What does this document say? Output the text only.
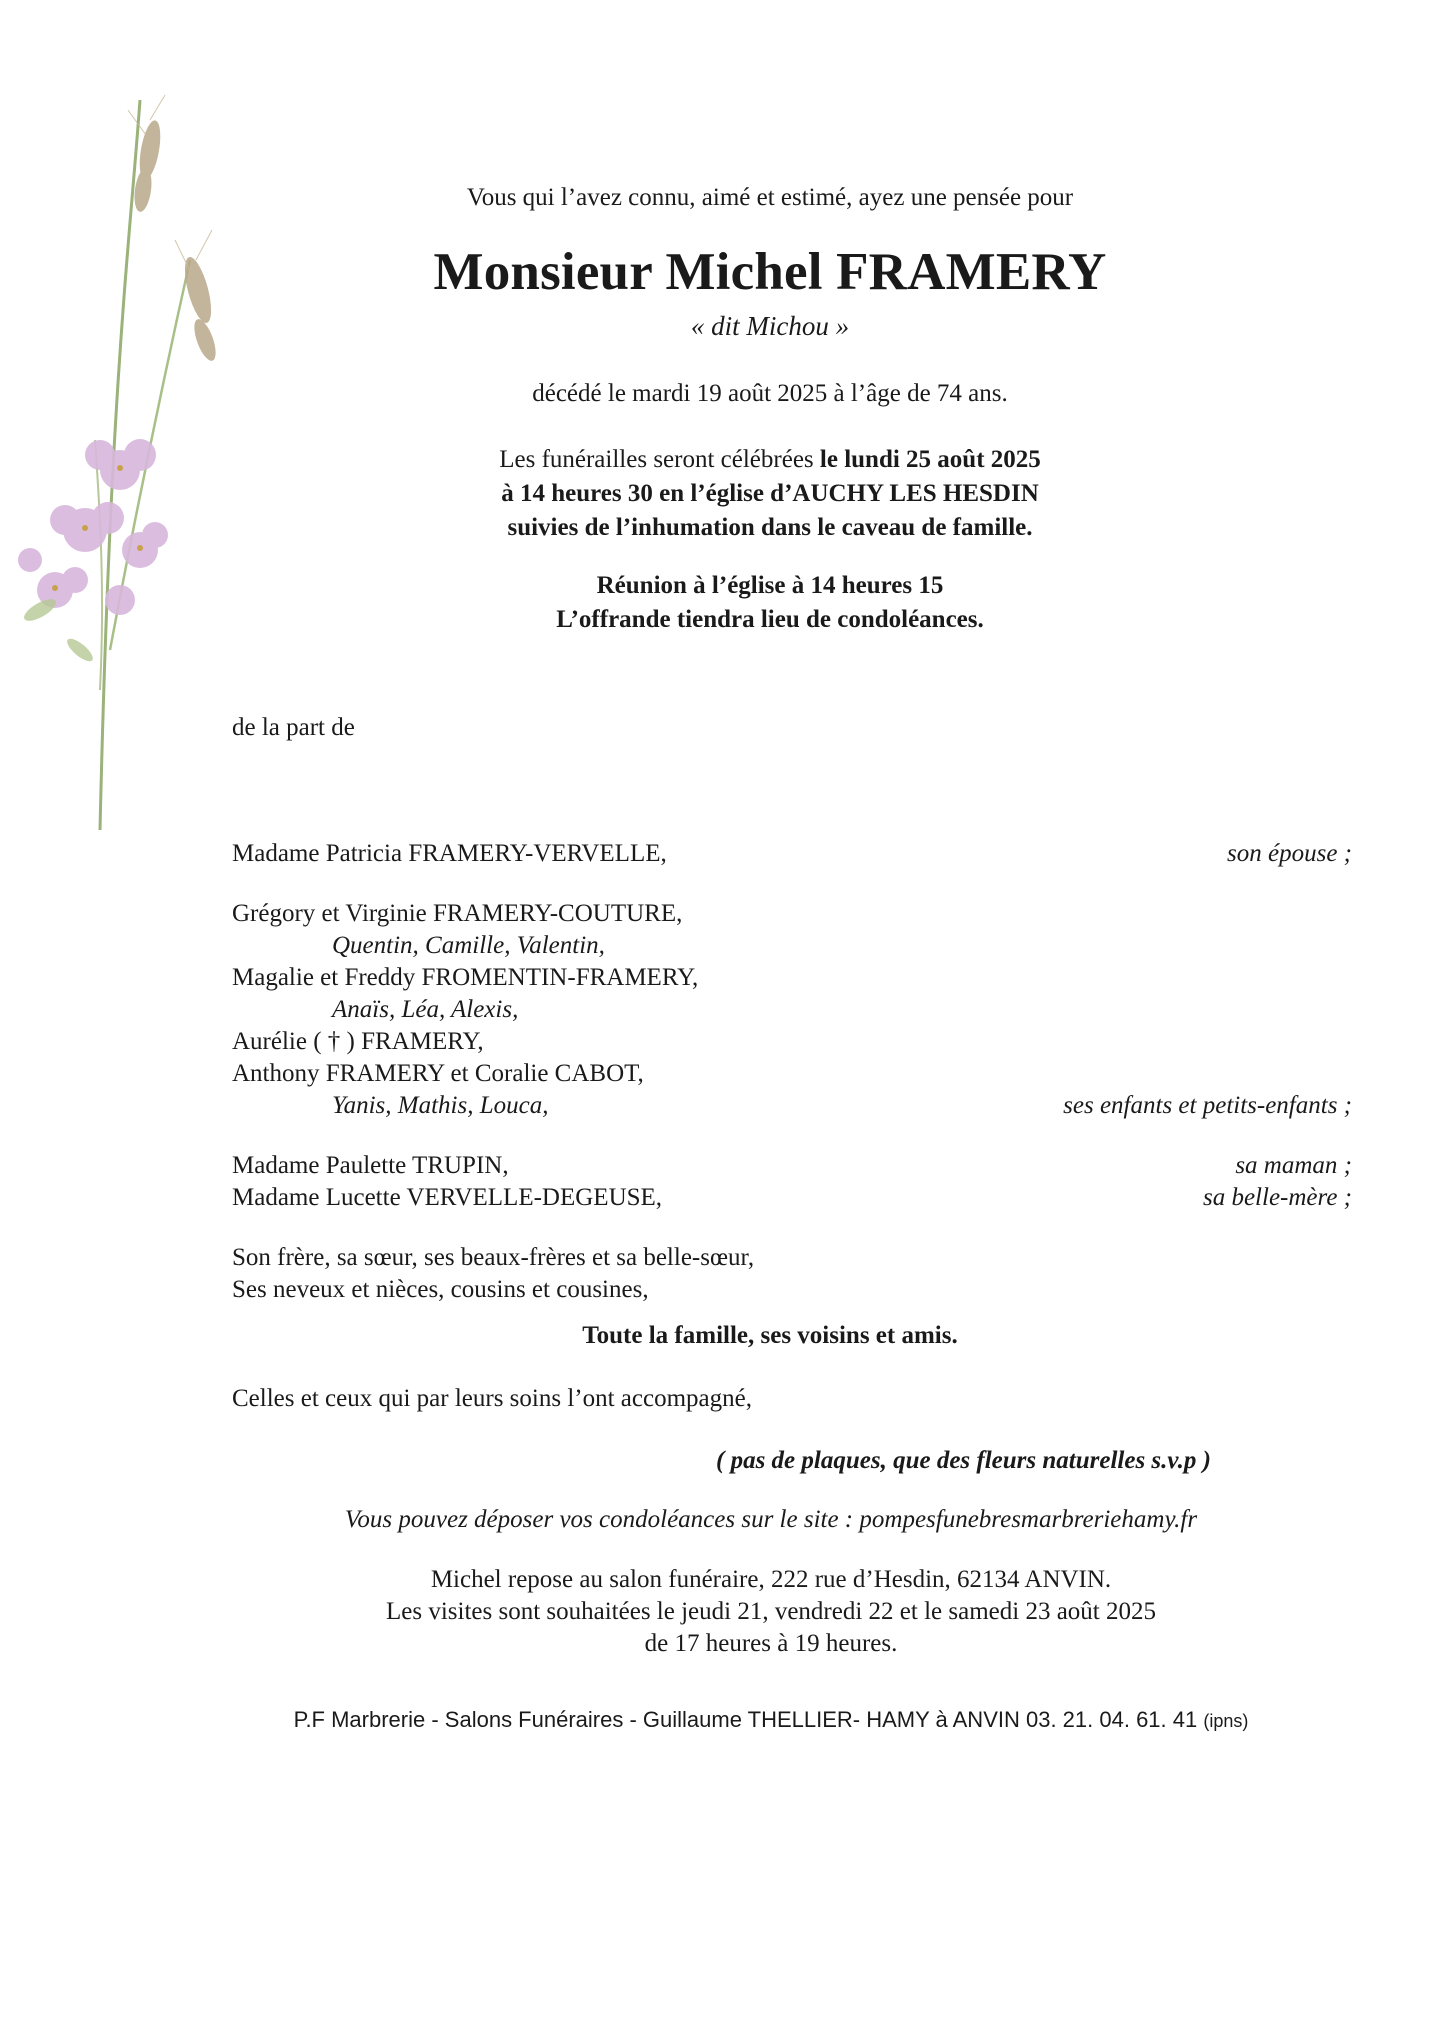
Vous qui l’avez connu, aimé et estimé, ayez une pensée pour

Monsieur Michel FRAMERY

« dit Michou »

décédé le mardi 19 août 2025 à l’âge de 74 ans.

Les funérailles seront célébrées le lundi 25 août 2025
à 14 heures 30 en l’église d’AUCHY LES HESDIN
suivies de l’inhumation dans le caveau de famille.
Réunion à l’église à 14 heures 15
L’offrande tiendra lieu de condoléances.

de la part de

Madame Patricia FRAMERY-VERVELLE,	son épouse ;
Grégory et Virginie FRAMERY-COUTURE,
Quentin, Camille, Valentin,
Magalie et Freddy FROMENTIN-FRAMERY,
Anaïs, Léa, Alexis,
Aurélie ( † ) FRAMERY,
Anthony FRAMERY et Coralie CABOT,
Yanis, Mathis, Louca,	ses enfants et petits-enfants ;
Madame Paulette TRUPIN,	sa maman ;
Madame Lucette VERVELLE-DEGEUSE,	sa belle-mère ;
Son frère, sa sœur, ses beaux-frères et sa belle-sœur,
Ses neveux et nièces, cousins et cousines,

Toute la famille, ses voisins et amis.

Celles et ceux qui par leurs soins l’ont accompagné,

( pas de plaques, que des fleurs naturelles s.v.p )

Vous pouvez déposer vos condoléances sur le site : pompesfunebresmarbreriehamy.fr

Michel repose au salon funéraire, 222 rue d’Hesdin, 62134 ANVIN.
Les visites sont souhaitées le jeudi 21, vendredi 22 et le samedi 23 août 2025
de 17 heures à 19 heures.

P.F Marbrerie - Salons Funéraires - Guillaume THELLIER- HAMY à ANVIN 03. 21. 04. 61. 41 (ipns)
